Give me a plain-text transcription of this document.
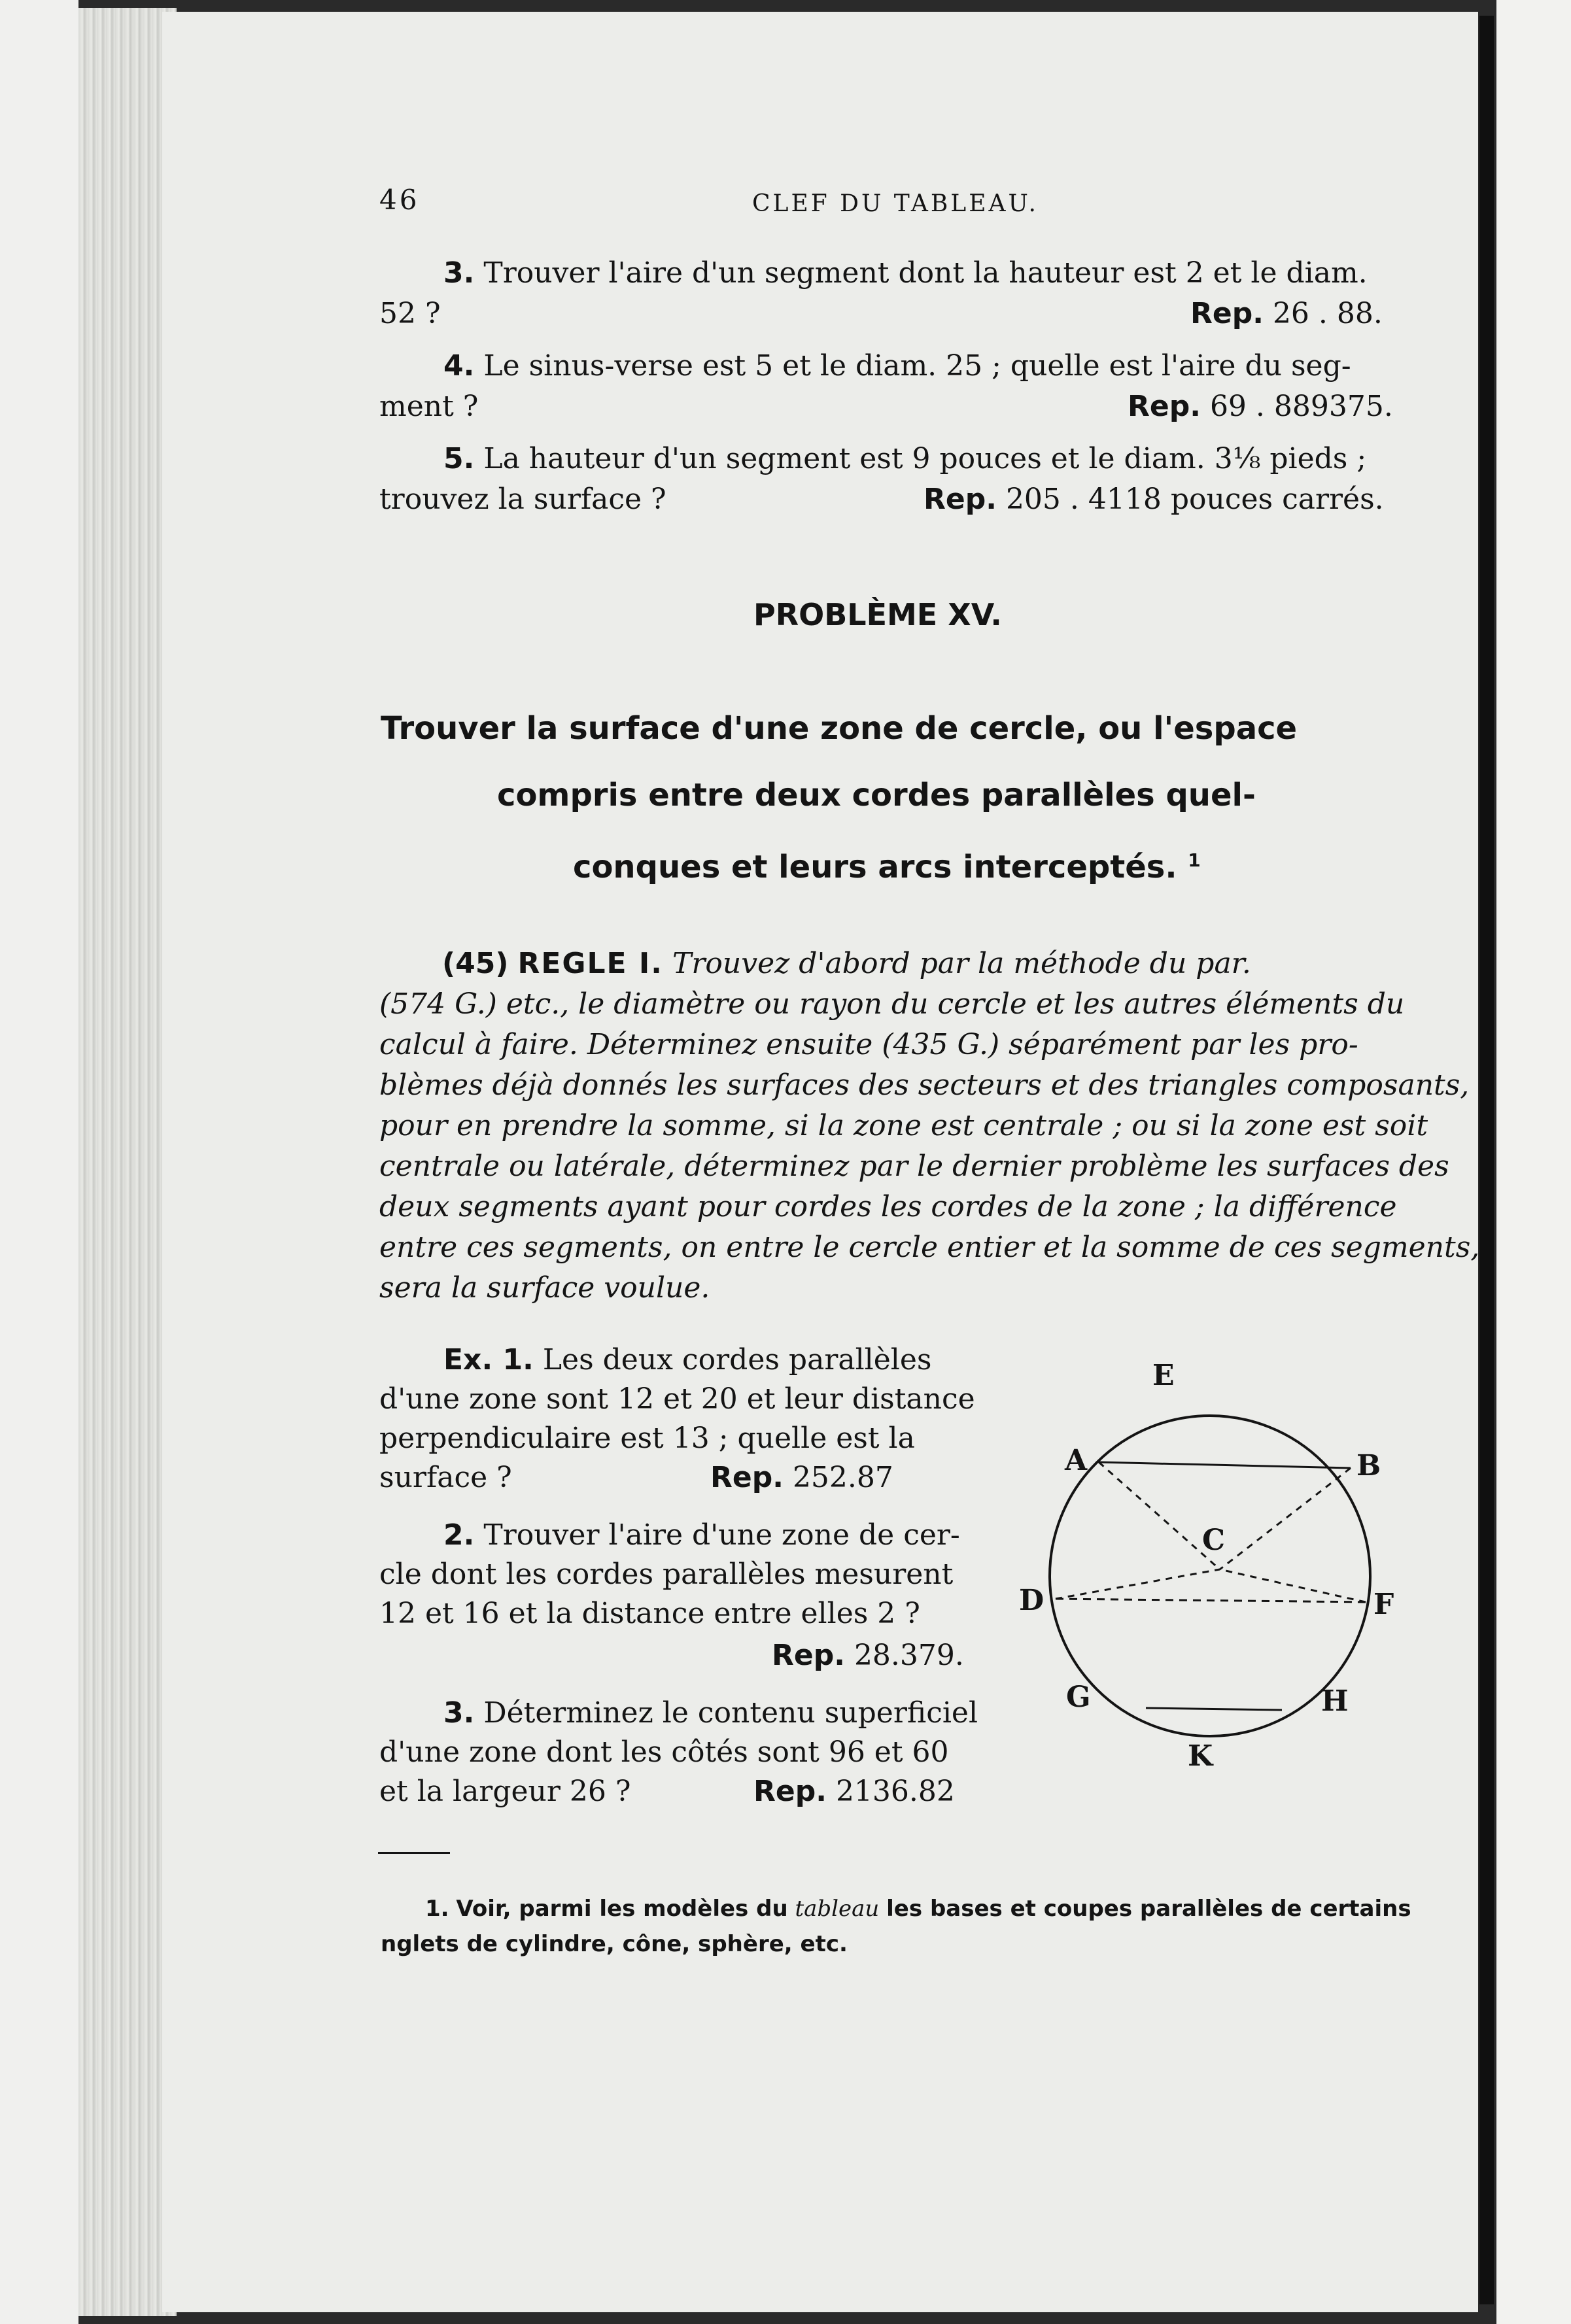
46	CLEF DU TABLEAU.
3. Trouver l'aire d'un segment dont la hauteur est 2 et le diam.
52 ?	Rep. 26 . 88.
4. Le sinus-verse est 5 et le diam. 25 ; quelle est l'aire du seg-
ment ?	Rep. 69 . 889375.
5. La hauteur d'un segment est 9 pouces et le diam. 3⅛ pieds ;
trouvez la surface ?	Rep. 205 . 4118 pouces carrés.
PROBLÈME XV.
Trouver la surface d'une zone de cercle, ou l'espace
compris entre deux cordes parallèles quel-
conques et leurs arcs interceptés. $^1$
(45) REGLE I. Trouvez d'abord par la méthode du par.
(574 G.) etc., le diamètre ou rayon du cercle et les autres éléments du
calcul à faire. Déterminez ensuite (435 G.) séparément par les pro-
blèmes déjà donnés les surfaces des secteurs et des triangles composants,
pour en prendre la somme, si la zone est centrale ; ou si la zone est soit
centrale ou latérale, déterminez par le dernier problème les surfaces des
deux segments ayant pour cordes les cordes de la zone ; la différence
entre ces segments, on entre le cercle entier et la somme de ces segments,
sera la surface voulue.
Ex. 1. Les deux cordes parallèles
d'une zone sont 12 et 20 et leur distance
perpendiculaire est 13 ; quelle est la
surface ?	Rep. 252.87
2. Trouver l'aire d'une zone de cer-
cle dont les cordes parallèles mesurent
12 et 16 et la distance entre elles 2 ?
Rep. 28.379.
3. Déterminez le contenu superficiel
d'une zone dont les côtés sont 96 et 60
et la largeur 26 ?	Rep. 2136.82
E
A	B
C
D	F
G	H
K
1. Voir, parmi les modèles du tableau les bases et coupes parallèles de certains
nglets de cylindre, cône, sphère, etc.
